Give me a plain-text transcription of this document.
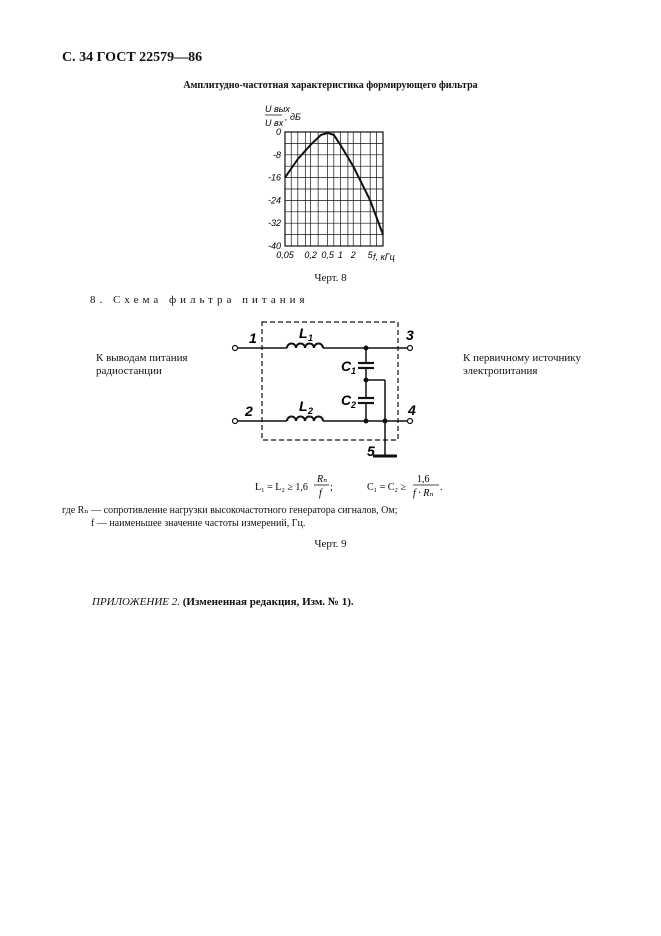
С. 34 ГОСТ 22579—86
Амплитудно-частотная характеристика формирующего фильтра
U вых
U вх
, дБ
0
-8
-16
-24
-32
-40
0,05 0,2 0,5 1 2 5 f, кГц
Черт. 8
8. Схема фильтра питания
К выводам питания
радиостанции
К первичному источнику
электропитания
1
2
3
4
5
L 1
L 2
C 1
C 2
L₁ = L₂ ≥ 1,6
Rₙ
f
;	C₁ = C₂ ≥
1,6
f · Rₙ
.
где Rₙ — сопротивление нагрузки высокочастотного генератора сигналов, Ом;
f — наименьшее значение частоты измерений, Гц.
Черт. 9
ПРИЛОЖЕНИЕ 2. (Измененная редакция, Изм. № 1).
